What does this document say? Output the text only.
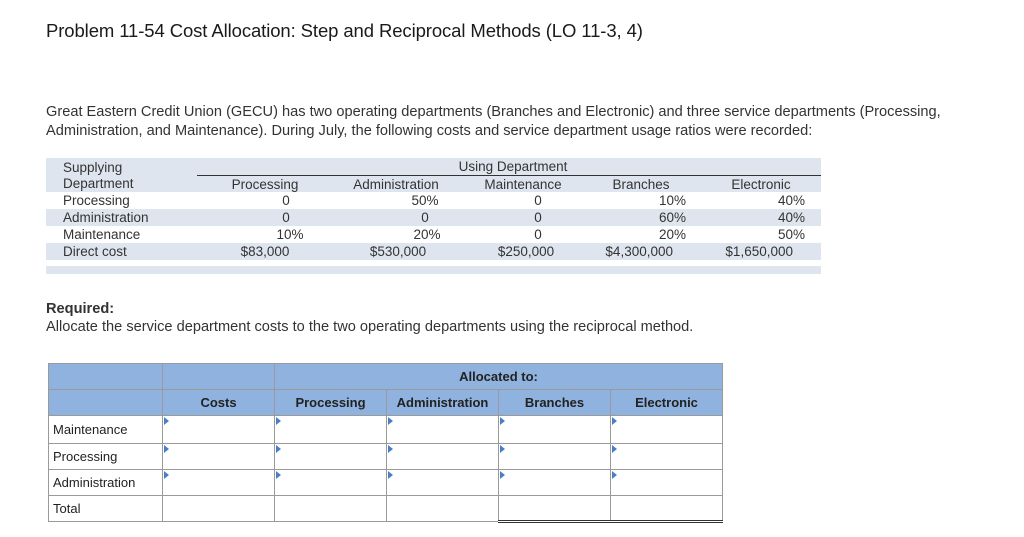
Problem 11-54 Cost Allocation: Step and Reciprocal Methods (LO 11-3, 4)
Great Eastern Credit Union (GECU) has two operating departments (Branches and Electronic) and three service departments (Processing, Administration, and Maintenance). During July, the following costs and service department usage ratios were recorded:
Supplying
Department
Using Department
Processing	Administration	Maintenance	Branches	Electronic
Processing	0	50%	0	10%	40%
Administration	0	0	0	60%	40%
Maintenance	10%	20%	0	20%	50%
Direct cost	$83,000	$530,000	$250,000	$4,300,000	$1,650,000
Required:
Allocate the service department costs to the two operating departments using the reciprocal method.
		Allocated to:			
	Costs	Processing	Administration	Branches	Electronic
Maintenance	

Processing	

Administration	

Total					
